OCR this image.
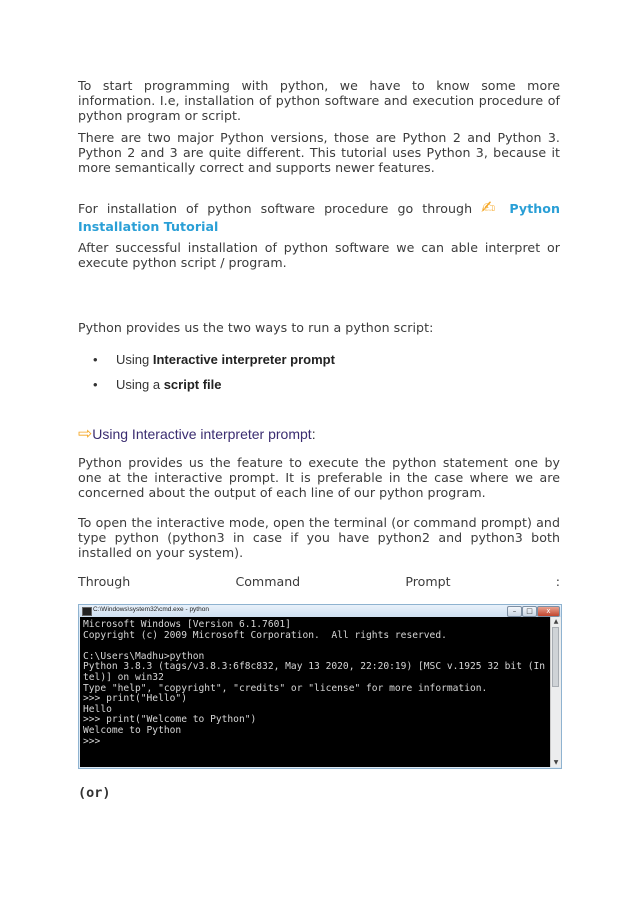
To start programming with python, we have to know some more information. I.e, installation of python software and execution procedure of python program or script.
There are two major Python versions, those are Python 2 and Python 3. Python 2 and 3 are quite different. This tutorial uses Python 3, because it more semantically correct and supports newer features.
For installation of python software procedure go through ✍ Python Installation Tutorial
After successful installation of python software we can able interpret or execute python script / program.
Python provides us the two ways to run a python script:
• Using Interactive interpreter prompt
• Using a script file
⇨Using Interactive interpreter prompt:
Python provides us the feature to execute the python statement one by one at the interactive prompt. It is preferable in the case where we are concerned about the output of each line of our python program.
To open the interactive mode, open the terminal (or command prompt) and type python (python3 in case if you have python2 and python3 both installed on your system).
Through	Command	Prompt	:
C:\Windows\system32\cmd.exe - python	–	□	x
Microsoft Windows [Version 6.1.7601]
Copyright (c) 2009 Microsoft Corporation.  All rights reserved.

C:\Users\Madhu>python
Python 3.8.3 (tags/v3.8.3:6f8c832, May 13 2020, 22:20:19) [MSC v.1925 32 bit (In
tel)] on win32
Type "help", "copyright", "credits" or "license" for more information.
>>> print("Hello")
Hello
>>> print("Welcome to Python")
Welcome to Python
>>>
▲
▼
(or)
